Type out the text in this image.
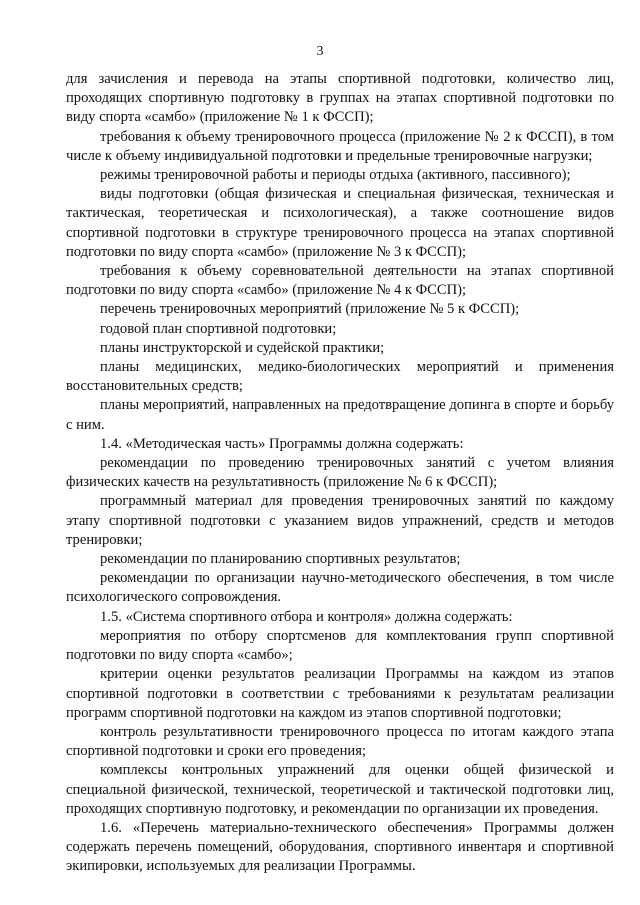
3

для зачисления и перевода на этапы спортивной подготовки, количество лиц, проходящих спортивную подготовку в группах на этапах спортивной подготовки по виду спорта «самбо» (приложение № 1 к ФССП);

требования к объему тренировочного процесса (приложение № 2 к ФССП), в том числе к объему индивидуальной подготовки и предельные тренировочные нагрузки;

режимы тренировочной работы и периоды отдыха (активного, пассивного);

виды подготовки (общая физическая и специальная физическая, техническая и тактическая, теоретическая и психологическая), а также соотношение видов спортивной подготовки в структуре тренировочного процесса на этапах спортивной подготовки по виду спорта «самбо» (приложение № 3 к ФССП);

требования к объему соревновательной деятельности на этапах спортивной подготовки по виду спорта «самбо» (приложение № 4 к ФССП);

перечень тренировочных мероприятий (приложение № 5 к ФССП);

годовой план спортивной подготовки;

планы инструкторской и судейской практики;

планы медицинских, медико-биологических мероприятий и применения восстановительных средств;

планы мероприятий, направленных на предотвращение допинга в спорте и борьбу с ним.

1.4. «Методическая часть» Программы должна содержать:

рекомендации по проведению тренировочных занятий с учетом влияния физических качеств на результативность (приложение № 6 к ФССП);

программный материал для проведения тренировочных занятий по каждому этапу спортивной подготовки с указанием видов упражнений, средств и методов тренировки;

рекомендации по планированию спортивных результатов;

рекомендации по организации научно-методического обеспечения, в том числе психологического сопровождения.

1.5. «Система спортивного отбора и контроля» должна содержать:

мероприятия по отбору спортсменов для комплектования групп спортивной подготовки по виду спорта «самбо»;

критерии оценки результатов реализации Программы на каждом из этапов спортивной подготовки в соответствии с требованиями к результатам реализации программ спортивной подготовки на каждом из этапов спортивной подготовки;

контроль результативности тренировочного процесса по итогам каждого этапа спортивной подготовки и сроки его проведения;

комплексы контрольных упражнений для оценки общей физической и специальной физической, технической, теоретической и тактической подготовки лиц, проходящих спортивную подготовку, и рекомендации по организации их проведения.

1.6. «Перечень материально-технического обеспечения» Программы должен содержать перечень помещений, оборудования, спортивного инвентаря и спортивной экипировки, используемых для реализации Программы.
